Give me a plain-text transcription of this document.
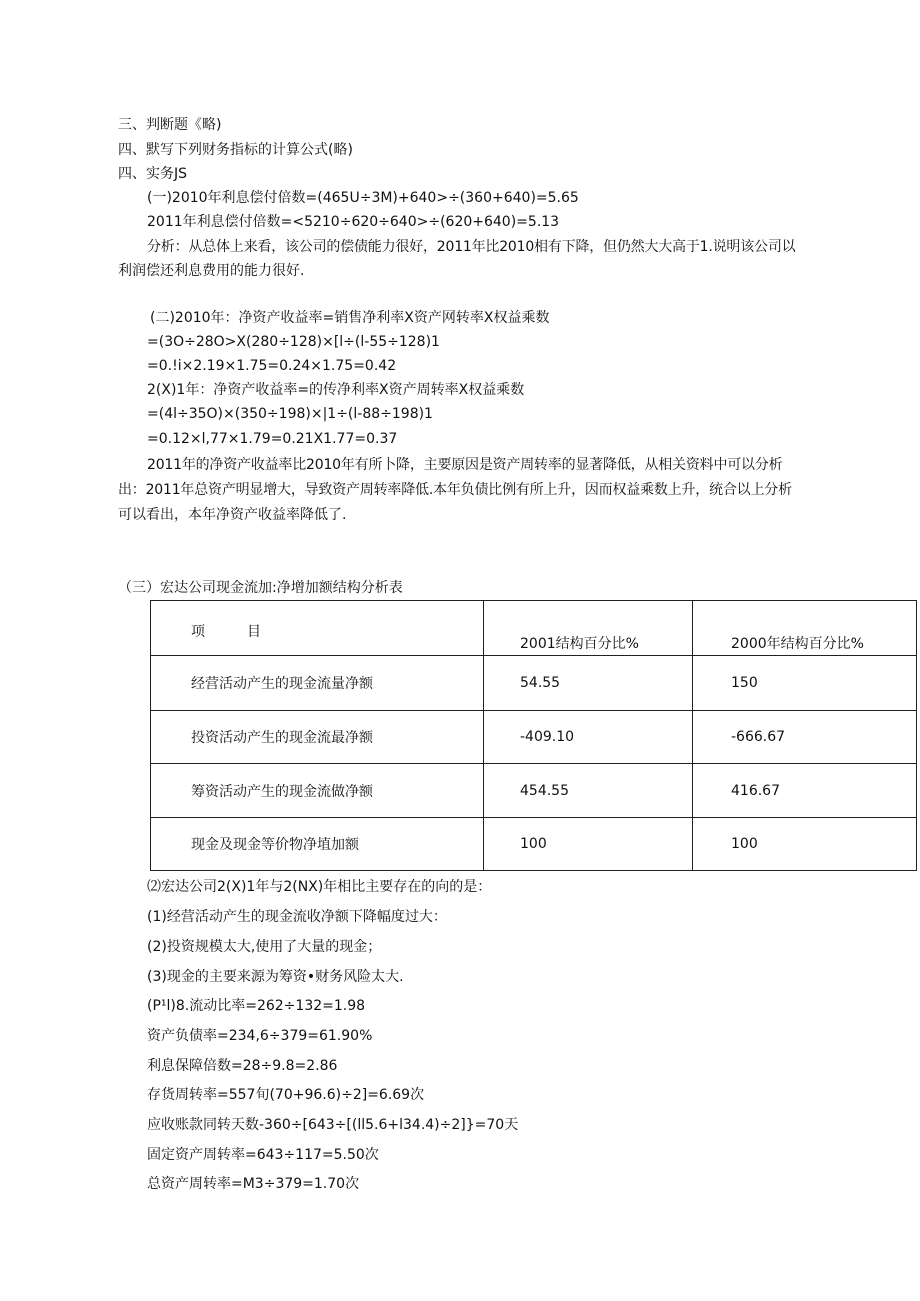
三、判断题《略)
四、默写下列财务指标的计算公式(略)
四、实务JS
(一)2010年利息偿付倍数=(465U÷3M)+640>÷(360+640)=5.65
2011年利息偿付倍数=<5210÷620÷640>÷(620+640)=5.13
分析：从总体上来看，该公司的偿债能力很好，2011年比2010相有下降，但仍然大大高于1.说明该公司以
利润偿还利息费用的能力很好.
(二)2010年：净资产收益率=销售净利率X资产网转率X权益乘数
=(3O÷28O>X(280÷128)×[l÷(l-55÷128)1
=0.!i×2.19×1.75=0.24×1.75=0.42
2(X)1年：净资产收益率=的传净利率X资产周转率X权益乘数
=(4l÷35O)×(350÷198)×|1÷(l-88÷198)1
=0.12×l,77×1.79=0.21X1.77=0.37
2011年的净资产收益率比2010年有所卜降，主要原因是资产周转率的显著降低，从相关资料中可以分析
出：2011年总资产明显增大，导致资产周转率降低.本年负债比例有所上升，因而权益乘数上升，统合以上分析
可以看出，本年净资产收益率降低了.
（三）宏达公司现金流加:净增加额结构分析表
项　　　目	2001结构百分比%	2000年结构百分比%
经营活动产生的现金流量净额	54.55	150
投资活动产生的现金流最净额	-409.10	-666.67
筹资活动产生的现金流做净额	454.55	416.67
现金及现金等价物净埴加额	100	100
⑵宏达公司2(X)1年与2(NX)年相比主要存在的向的是：
(1)经营活动产生的现金流收净额下降幅度过大：
(2)投资规模太大,使用了大量的现金；
(3)现金的主要来源为筹资•财务风险太大.
(P¹l)8.流动比率=262÷132=1.98
资产负债率=234,6÷379=61.90%
利息保障倍数=28÷9.8=2.86
存货周转率=557旬(70+96.6)÷2]=6.69次
应收账款同转天数-360÷[643÷[(ll5.6+l34.4)÷2]}=70天
固定资产周转率=643÷117=5.50次
总资产周转率=M3÷379=1.70次
